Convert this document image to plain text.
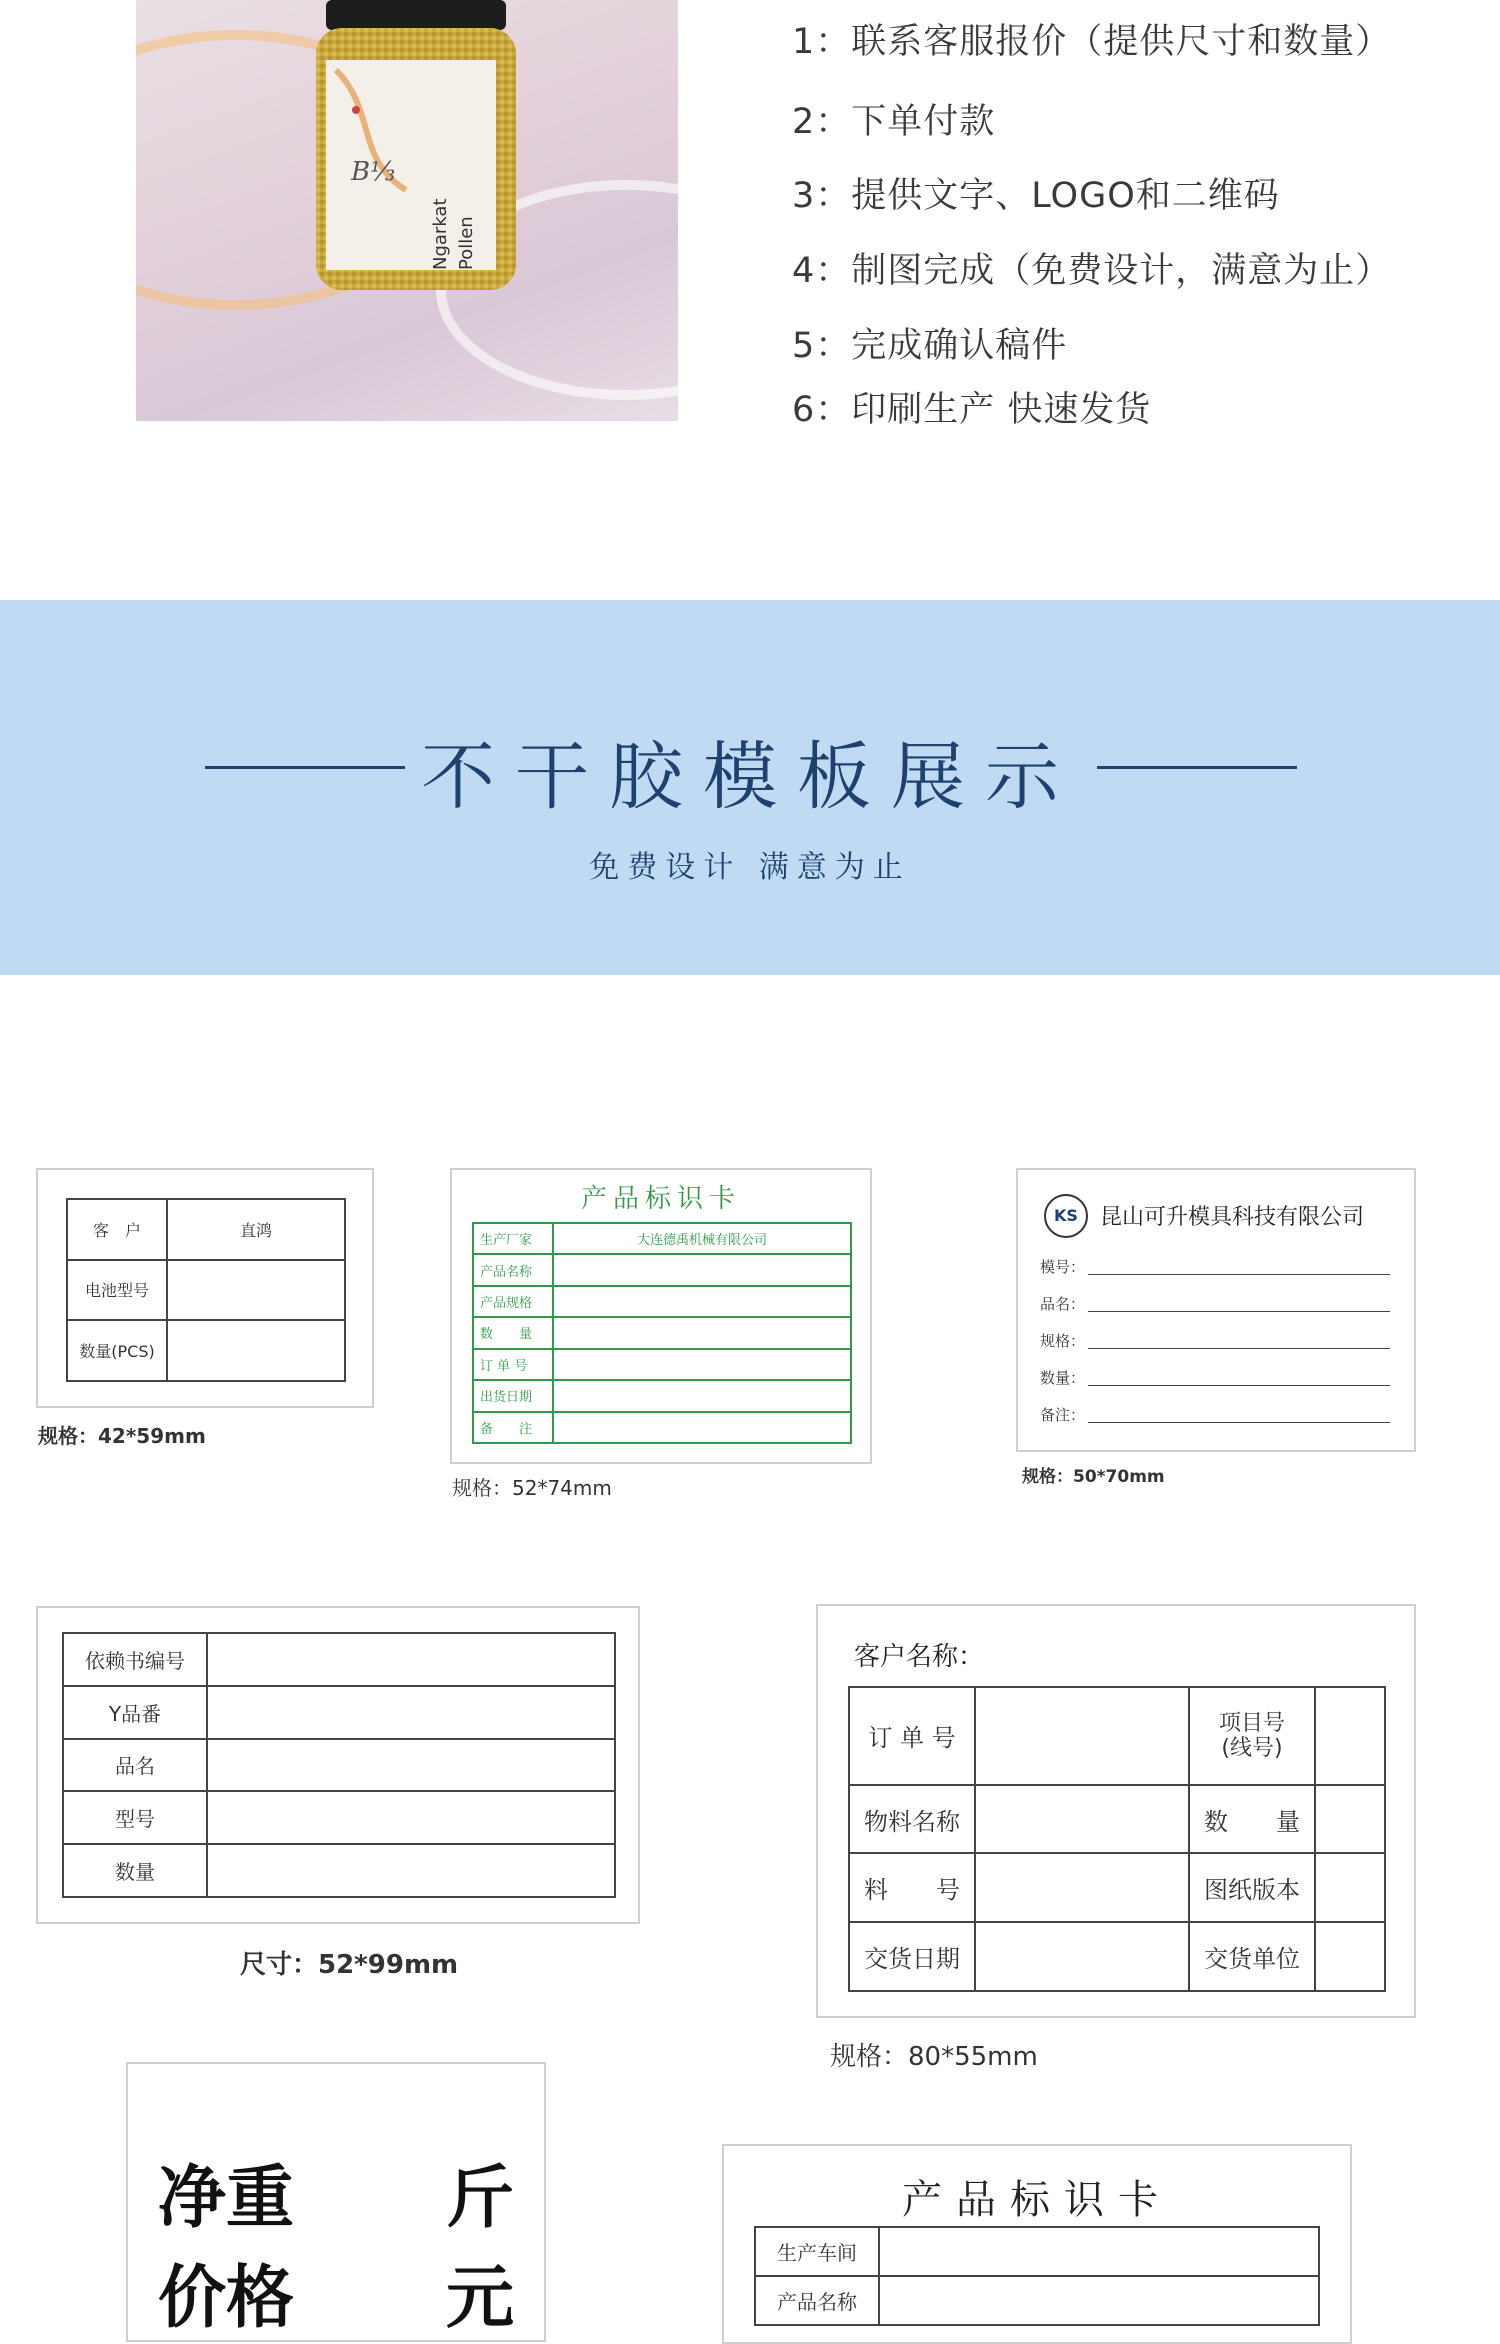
B⅓
Ngarkat Pollen
1：联系客服报价（提供尺寸和数量）
2：下单付款
3：提供文字、LOGO和二维码
4：制图完成（免费设计，满意为止）
5：完成确认稿件
6：印刷生产 快速发货
不干胶模板展示
免费设计 满意为止
客　户	直鸿
电池型号	
数量(PCS)	
规格：42*59mm
产品标识卡
生产厂家	大连德禹机械有限公司
产品名称	
产品规格	
数　　量	
订 单 号	
出货日期	
备　　注	
规格：52*74mm
KS	昆山可升模具科技有限公司
模号：
品名：
规格：
数量：
备注：
规格：50*70mm
依赖书编号	
Y品番	
品名	
型号	
数量	
尺寸：52*99mm
客户名称：
订 单 号		项目号
(线号)	
物料名称		数　　量	
料　　号		图纸版本	
交货日期		交货单位	
规格：80*55mm
净重 斤
价格 元
产品标识卡
生产车间	
产品名称	
